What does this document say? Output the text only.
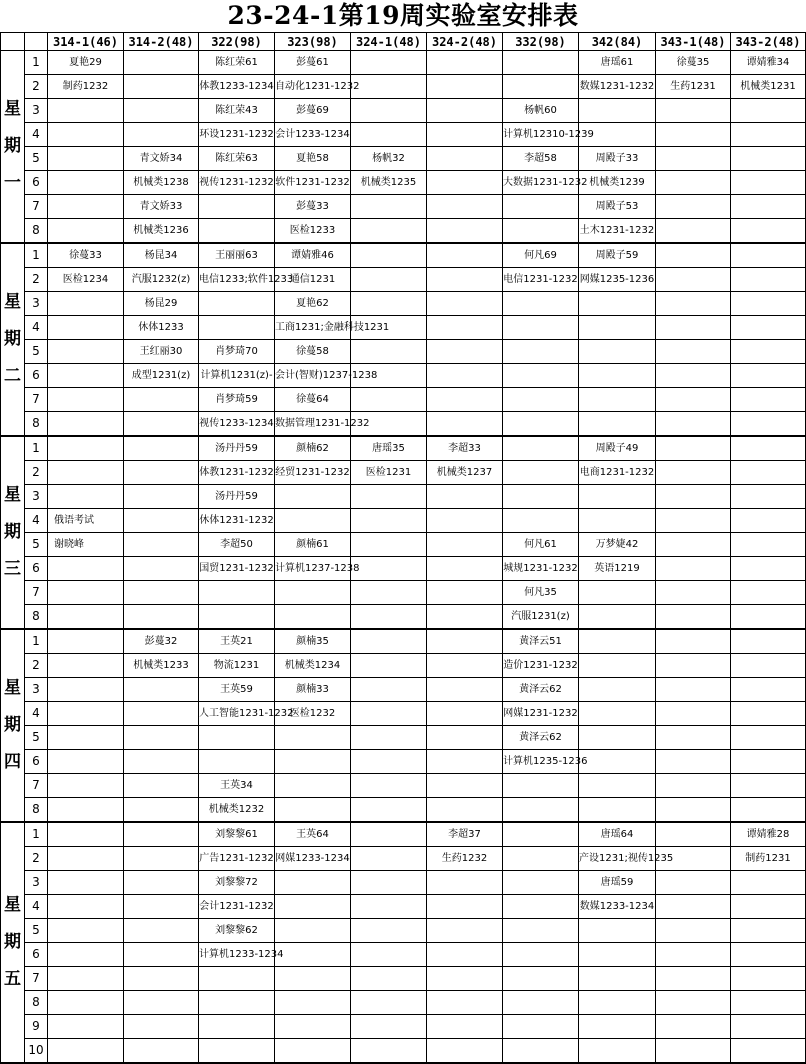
23-24-1第19周实验室安排表
		314-1(46)	314-2(48)	322(98)	323(98)	324-1(48)	324-2(48)	332(98)	342(84)	343-1(48)	343-2(48)
星期一	1	夏艳29		陈红荣61	彭蔓61				唐瑶61	徐蔓35	谭婧雅34

	2	制药1232		体教1233-1234	自动化1231-1232				数媒1231-1232	生药1231	机械类1231

	3			陈红荣43	彭蔓69			杨帆60			

	4			环设1231-1232	会计1233-1234			计算机12310-1239			

	5		青文娇34	陈红荣63	夏艳58	杨帆32		李超58	周殿子33		

	6		机械类1238	视传1231-1232	软件1231-1232	机械类1235		大数据1231-1232	机械类1239		

	7		青文娇33		彭蔓33				周殿子53		

	8		机械类1236		医检1233				土木1231-1232		

星期二	1	徐蔓33	杨昆34	王丽丽63	谭婧雅46			何凡69	周殿子59		

	2	医检1234	汽服1232(z)	电信1233;软件1233	通信1231			电信1231-1232	网媒1235-1236		

	3		杨昆29		夏艳62						

	4		休体1233		工商1231;金融科技1231						

	5		王红丽30	肖梦琦70	徐蔓58						

	6		成型1231(z)	计算机1231(z)-	会计(智财)1237-1238						

	7			肖梦琦59	徐蔓64						

	8			视传1233-1234	数据管理1231-1232						

星期三	1			汤丹丹59	颜楠62	唐瑶35	李超33		周殿子49		

	2			体教1231-1232	经贸1231-1232	医检1231	机械类1237		电商1231-1232		

	3			汤丹丹59							

	4	俄语考试		休体1231-1232							

	5	谢晓峰		李超50	颜楠61			何凡61	万梦婕42		

	6			国贸1231-1232	计算机1237-1238			城规1231-1232	英语1219		

	7							何凡35			

	8							汽服1231(z)			

星期四	1		彭蔓32	王英21	颜楠35			黄泽云51			

	2		机械类1233	物流1231	机械类1234			造价1231-1232			

	3			王英59	颜楠33			黄泽云62			

	4			人工智能1231-1232	医检1232			网媒1231-1232			

	5							黄泽云62			

	6							计算机1235-1236			

	7			王英34							

	8			机械类1232							

星期五	1			刘黎黎61	王英64		李超37		唐瑶64		谭婧雅28

	2			广告1231-1232	网媒1233-1234		生药1232		产设1231;视传1235		制药1231

	3			刘黎黎72					唐瑶59		

	4			会计1231-1232					数媒1233-1234		

	5			刘黎黎62							

	6			计算机1233-1234							

	7	

	8	

	9	

	10	
